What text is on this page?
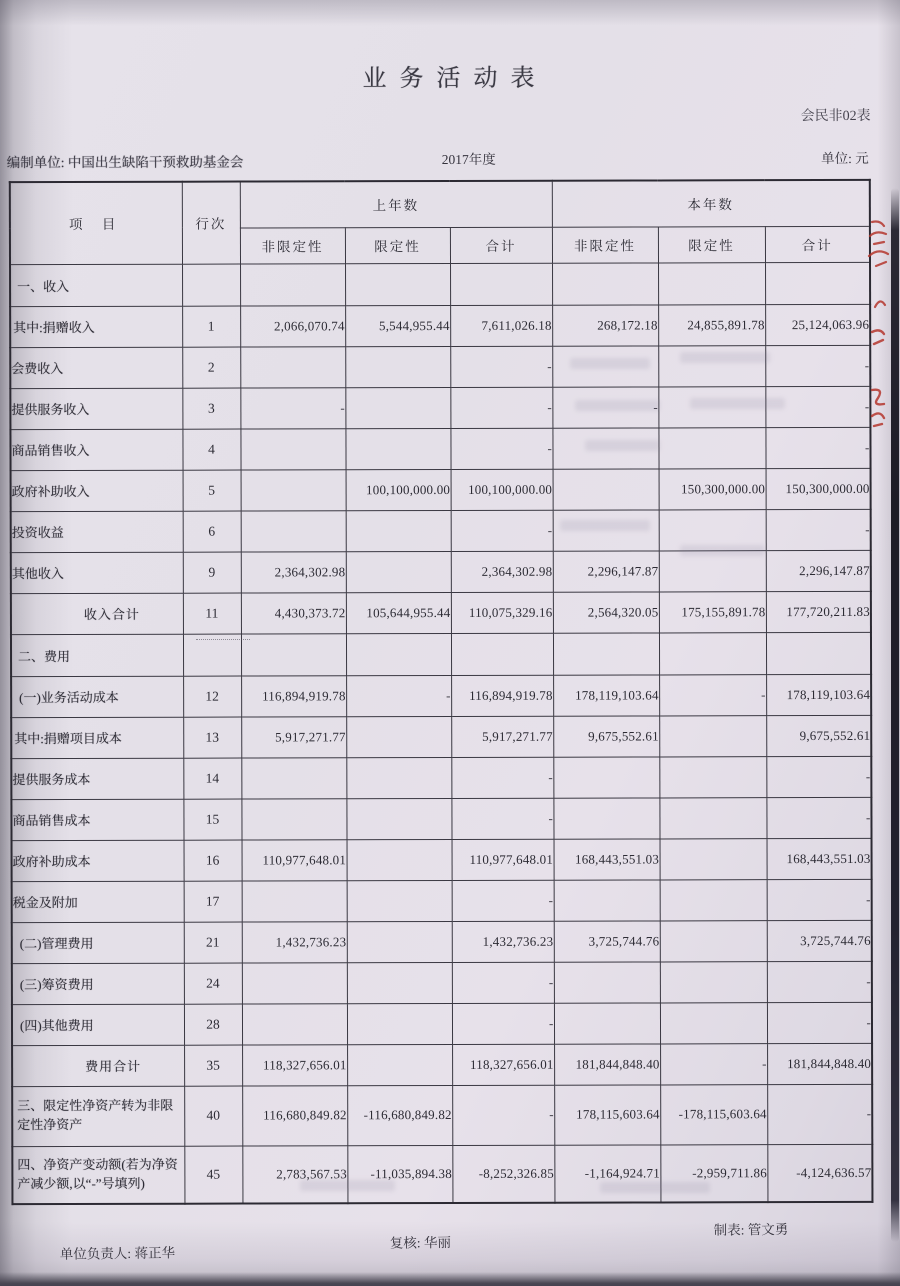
业务活动表
会民非02表
编制单位: 中国出生缺陷干预救助基金会	2017年度	单位: 元
项 目	行次	上年数			本年数		
		非限定性	限定性	合计	非限定性	限定性	合计
一、收入							
其中:捐赠收入	1	2,066,070.74	5,544,955.44	7,611,026.18	268,172.18	24,855,891.78	25,124,063.96
会费收入	2			-			-
提供服务收入	3	-		-	-		-
商品销售收入	4			-			-
政府补助收入	5		100,100,000.00	100,100,000.00		150,300,000.00	150,300,000.00
投资收益	6			-			-
其他收入	9	2,364,302.98		2,364,302.98	2,296,147.87		2,296,147.87
收入合计	11	4,430,373.72	105,644,955.44	110,075,329.16	2,564,320.05	175,155,891.78	177,720,211.83
二、费用							
(一)业务活动成本	12	116,894,919.78	-	116,894,919.78	178,119,103.64	-	178,119,103.64
其中:捐赠项目成本	13	5,917,271.77		5,917,271.77	9,675,552.61		9,675,552.61
提供服务成本	14			-			-
商品销售成本	15			-			-
政府补助成本	16	110,977,648.01		110,977,648.01	168,443,551.03		168,443,551.03
税金及附加	17			-			-
(二)管理费用	21	1,432,736.23		1,432,736.23	3,725,744.76		3,725,744.76
(三)筹资费用	24			-			-
(四)其他费用	28			-			-
费用合计	35	118,327,656.01		118,327,656.01	181,844,848.40	-	181,844,848.40
三、限定性净资产转为非限定性净资产	40	116,680,849.82	-116,680,849.82	-	178,115,603.64	-178,115,603.64	-
四、净资产变动额(若为净资产减少额,以“-”号填列)	45	2,783,567.53	-11,035,894.38	-8,252,326.85	-1,164,924.71	-2,959,711.86	-4,124,636.57
单位负责人: 蒋正华
复核: 华丽
制表: 管文勇
